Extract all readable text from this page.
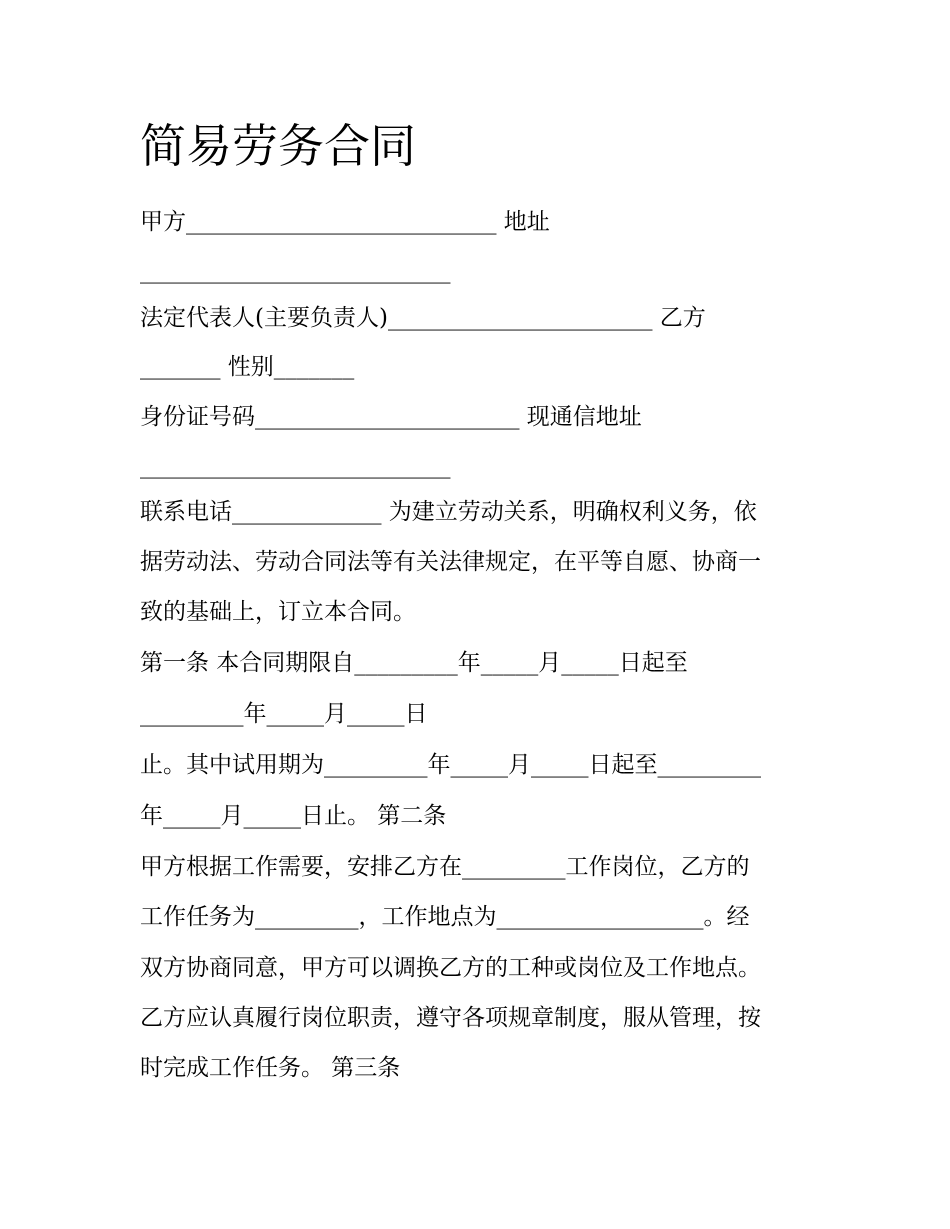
简易劳务合同
甲方___________________________ 地址
___________________________
法定代表人(主要负责人)_______________________ 乙方
_______ 性别_______
身份证号码_______________________ 现通信地址
___________________________
联系电话_____________ 为建立劳动关系，明确权利义务，依
据劳动法、劳动合同法等有关法律规定，在平等自愿、协商一
致的基础上，订立本合同。
第一条 本合同期限自_________年_____月_____日起至
_________年_____月_____日
止。其中试用期为_________年_____月_____日起至_________
年_____月_____日止。 第二条
甲方根据工作需要，安排乙方在_________工作岗位，乙方的
工作任务为_________，工作地点为__________________。经
双方协商同意，甲方可以调换乙方的工种或岗位及工作地点。
乙方应认真履行岗位职责，遵守各项规章制度，服从管理，按
时完成工作任务。 第三条
